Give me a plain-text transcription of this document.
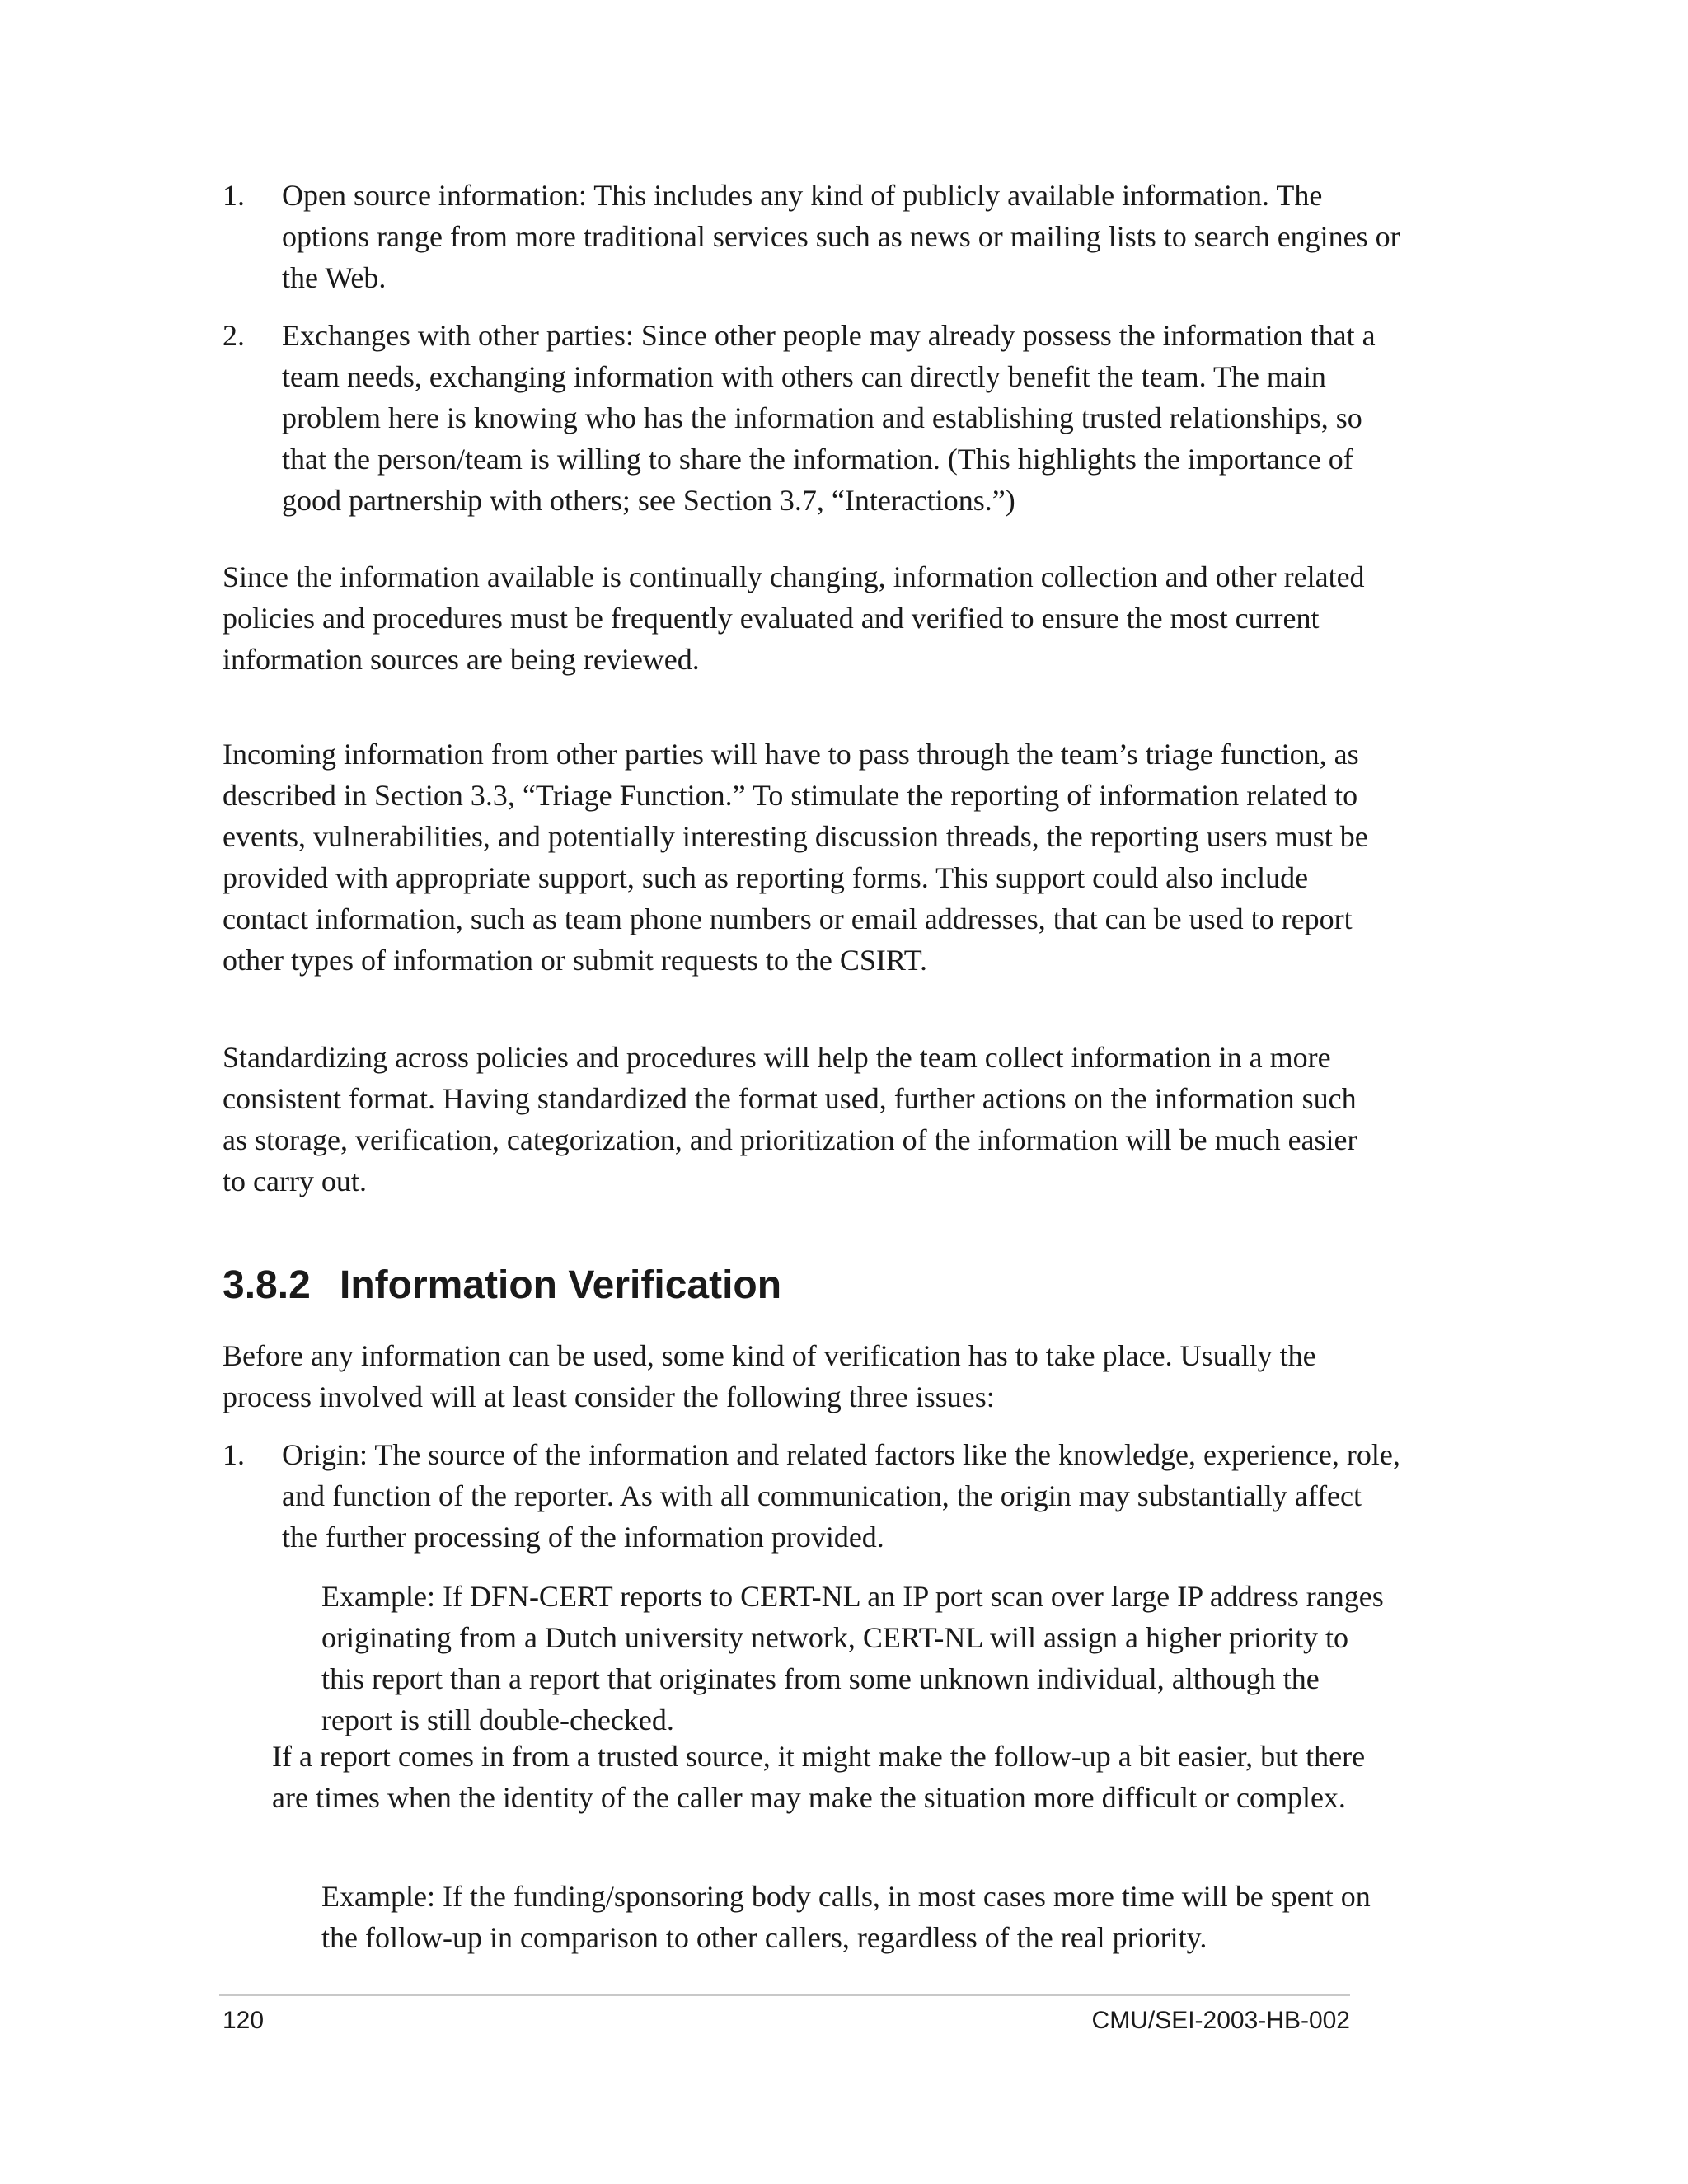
1.	Open source information: This includes any kind of publicly available information. The options range from more traditional services such as news or mailing lists to search engines or the Web.
2.	Exchanges with other parties: Since other people may already possess the information that a team needs, exchanging information with others can directly benefit the team. The main problem here is knowing who has the information and establishing trusted relationships, so that the person/team is willing to share the information. (This highlights the importance of good partnership with others; see Section 3.7, “Interactions.”)
Since the information available is continually changing, information collection and other related policies and procedures must be frequently evaluated and verified to ensure the most current information sources are being reviewed.
Incoming information from other parties will have to pass through the team’s triage function, as described in Section 3.3, “Triage Function.” To stimulate the reporting of information related to events, vulnerabilities, and potentially interesting discussion threads, the reporting users must be provided with appropriate support, such as reporting forms. This support could also include contact information, such as team phone numbers or email addresses, that can be used to report other types of information or submit requests to the CSIRT.
Standardizing across policies and procedures will help the team collect information in a more consistent format. Having standardized the format used, further actions on the information such as storage, verification, categorization, and prioritization of the information will be much easier to carry out.
3.8.2 Information Verification
Before any information can be used, some kind of verification has to take place. Usually the process involved will at least consider the following three issues:
1.	Origin: The source of the information and related factors like the knowledge, experience, role, and function of the reporter. As with all communication, the origin may substantially affect the further processing of the information provided.
Example: If DFN-CERT reports to CERT-NL an IP port scan over large IP address ranges originating from a Dutch university network, CERT-NL will assign a higher priority to this report than a report that originates from some unknown individual, although the report is still double-checked.
If a report comes in from a trusted source, it might make the follow-up a bit easier, but there are times when the identity of the caller may make the situation more difficult or complex.
Example: If the funding/sponsoring body calls, in most cases more time will be spent on the follow-up in comparison to other callers, regardless of the real priority.
120	CMU/SEI-2003-HB-002
